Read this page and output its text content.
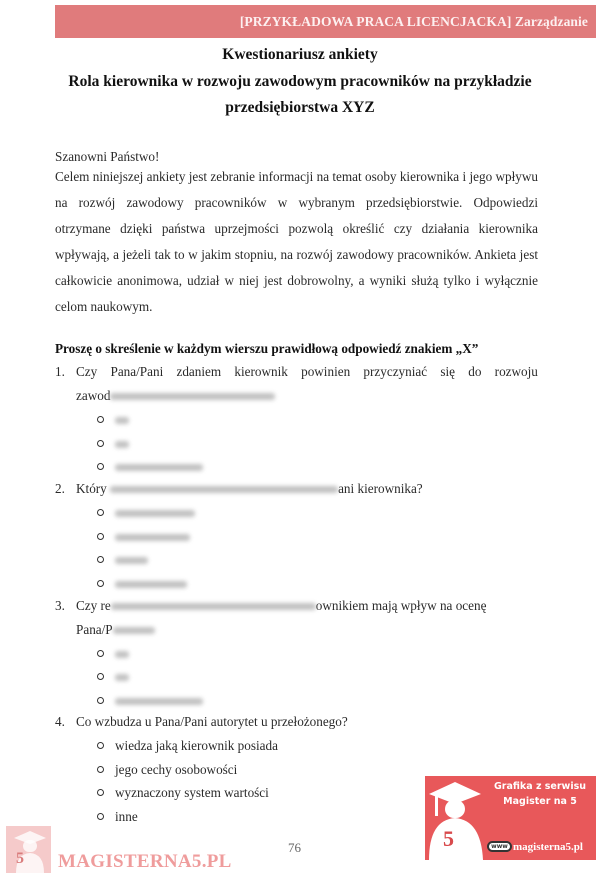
[PRZYKŁADOWA PRACA LICENCJACKA] Zarządzanie
Kwestionariusz ankiety
Rola kierownika w rozwoju zawodowym pracowników na przykładzie
przedsiębiorstwa XYZ
Szanowni Państwo!
Celem niniejszej ankiety jest zebranie informacji na temat osoby kierownika i jego wpływu na rozwój zawodowy pracowników w wybranym przedsiębiorstwie. Odpowiedzi otrzymane dzięki państwa uprzejmości pozwolą określić czy działania kierownika wpływają, a jeżeli tak to w jakim stopniu, na rozwój zawodowy pracowników. Ankieta jest całkowicie anonimowa, udział w niej jest dobrowolny, a wyniki służą tylko i wyłącznie celom naukowym.
Proszę o skreślenie w każdym wierszu prawidłową odpowiedź znakiem „X”
1. Czy Pana/Pani zdaniem kierownik powinien przyczyniać się do rozwoju
zawod
2. Który	ani kierownika?
3. Czy re	ownikiem mają wpływ na ocenę
Pana/P
4. Co wzbudza u Pana/Pani autorytet u przełożonego?
wiedza jaką kierownik posiada
jego cechy osobowości
wyznaczony system wartości
inne
76
5 MAGISTERNA5.PL
5
Grafika z serwisu
Magister na 5
www magisterna5.pl
